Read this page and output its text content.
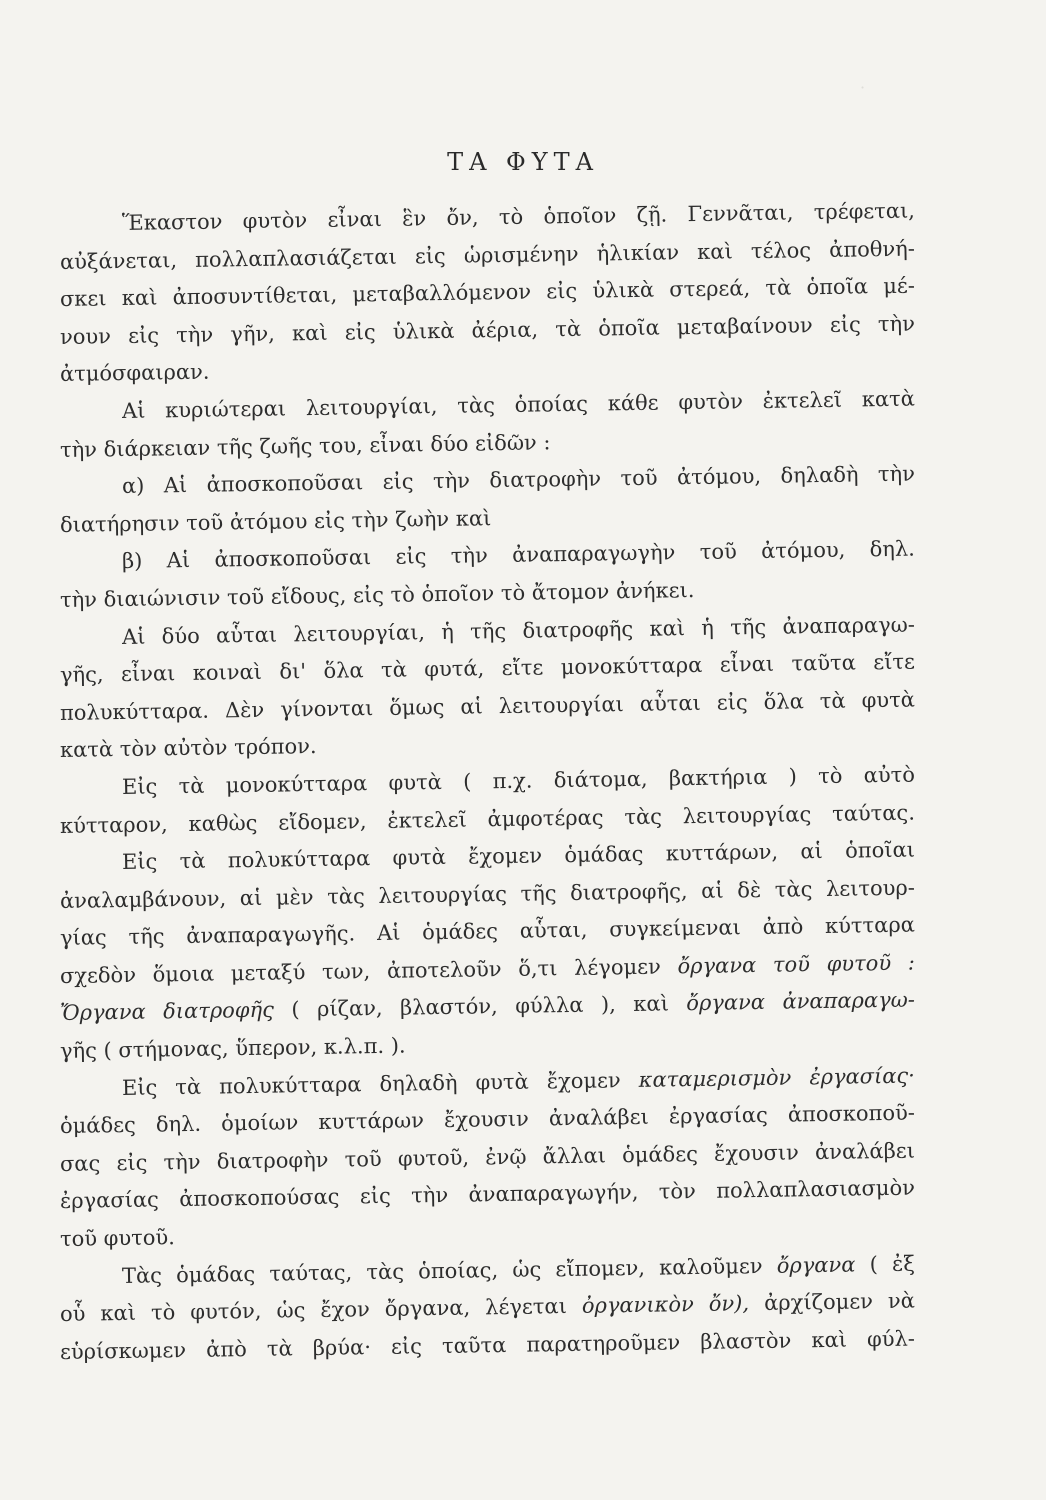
·
ΤΑ ΦΥΤΑ
Ἕκαστον φυτὸν εἶναι ἓν ὄν, τὸ ὁποῖον ζῇ. Γεννᾶται, τρέφεται,
αὐξάνεται, πολλαπλασιάζεται εἰς ὡρισμένην ἡλικίαν καὶ τέλος ἀποθνή-
σκει καὶ ἀποσυντίθεται, μεταβαλλόμενον εἰς ὑλικὰ στερεά, τὰ ὁποῖα μέ-
νουν εἰς τὴν γῆν, καὶ εἰς ὑλικὰ ἀέρια, τὰ ὁποῖα μεταβαίνουν εἰς τὴν
ἀτμόσφαιραν.
Αἱ κυριώτεραι λειτουργίαι, τὰς ὁποίας κάθε φυτὸν ἐκτελεῖ κατὰ
τὴν διάρκειαν τῆς ζωῆς του, εἶναι δύο εἰδῶν :
α) Αἱ ἀποσκοποῦσαι εἰς τὴν διατροφὴν τοῦ ἀτόμου, δηλαδὴ τὴν
διατήρησιν τοῦ ἀτόμου εἰς τὴν ζωὴν καὶ
β) Αἱ ἀποσκοποῦσαι εἰς τὴν ἀναπαραγωγὴν τοῦ ἀτόμου, δηλ.
τὴν διαιώνισιν τοῦ εἴδους, εἰς τὸ ὁποῖον τὸ ἄτομον ἀνήκει.
Αἱ δύο αὗται λειτουργίαι, ἡ τῆς διατροφῆς καὶ ἡ τῆς ἀναπαραγω-
γῆς, εἶναι κοιναὶ δι' ὅλα τὰ φυτά, εἴτε μονοκύτταρα εἶναι ταῦτα εἴτε
πολυκύτταρα. Δὲν γίνονται ὅμως αἱ λειτουργίαι αὗται εἰς ὅλα τὰ φυτὰ
κατὰ τὸν αὐτὸν τρόπον.
Εἰς τὰ μονοκύτταρα φυτὰ ( π.χ. διάτομα, βακτήρια ) τὸ αὐτὸ
κύτταρον, καθὼς εἴδομεν, ἐκτελεῖ ἀμφοτέρας τὰς λειτουργίας ταύτας.
Εἰς τὰ πολυκύτταρα φυτὰ ἔχομεν ὁμάδας κυττάρων, αἱ ὁποῖαι
ἀναλαμβάνουν, αἱ μὲν τὰς λειτουργίας τῆς διατροφῆς, αἱ δὲ τὰς λειτουρ-
γίας τῆς ἀναπαραγωγῆς. Αἱ ὁμάδες αὗται, συγκείμεναι ἀπὸ κύτταρα
σχεδὸν ὅμοια μεταξύ των, ἀποτελοῦν ὅ,τι λέγομεν ὄργανα τοῦ φυτοῦ :
Ὄργανα διατροφῆς ( ρίζαν, βλαστόν, φύλλα ), καὶ ὄργανα ἀναπαραγω-
γῆς ( στήμονας, ὕπερον, κ.λ.π. ).
Εἰς τὰ πολυκύτταρα δηλαδὴ φυτὰ ἔχομεν καταμερισμὸν ἐργασίας·
ὁμάδες δηλ. ὁμοίων κυττάρων ἔχουσιν ἀναλάβει ἐργασίας ἀποσκοποῦ-
σας εἰς τὴν διατροφὴν τοῦ φυτοῦ, ἐνῷ ἄλλαι ὁμάδες ἔχουσιν ἀναλάβει
ἐργασίας ἀποσκοπούσας εἰς τὴν ἀναπαραγωγήν, τὸν πολλαπλασιασμὸν
τοῦ φυτοῦ.
Τὰς ὁμάδας ταύτας, τὰς ὁποίας, ὡς εἴπομεν, καλοῦμεν ὄργανα ( ἐξ
οὗ καὶ τὸ φυτόν, ὡς ἔχον ὄργανα, λέγεται ὀργανικὸν ὄν), ἀρχίζομεν νὰ
εὑρίσκωμεν ἀπὸ τὰ βρύα· εἰς ταῦτα παρατηροῦμεν βλαστὸν καὶ φύλ-
